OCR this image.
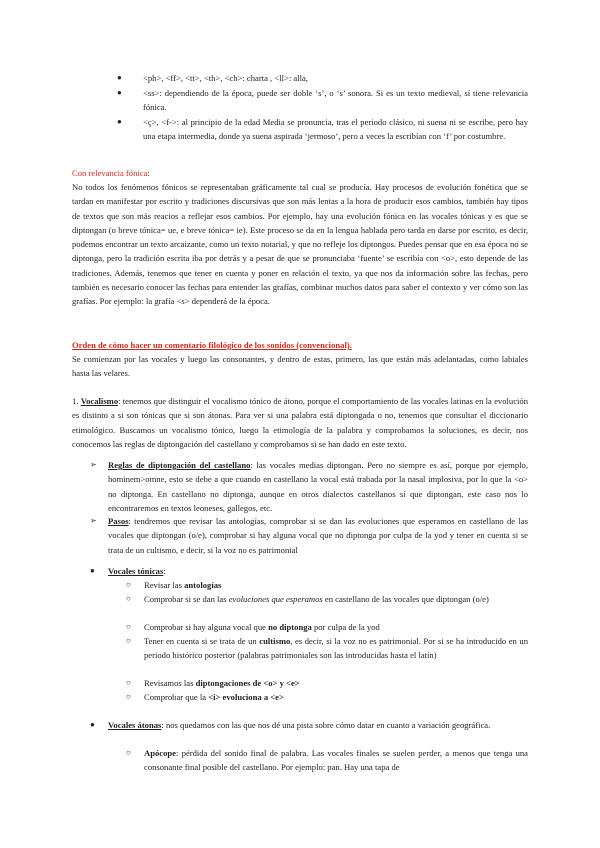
● <ph>, <ff>, <tt>, <th>, <ch>: charta , <ll>: alla,
● <ss>: dependiendo de la época, puede ser doble ‘s’, o ‘s’ sonora. Si es un texto medieval, sí tiene relevancia fónica.
● <ç>, <f->: al principio de la edad Media se pronuncia, tras el periodo clásico, ni suena ni se escribe, pero hay una etapa intermedia, donde ya suena aspirada ‘jermoso’, pero a veces la escribían con ‘f’ por costumbre.
Con relevancia fónica:
No todos los fenómenos fónicos se representaban gráficamente tal cual se producía. Hay procesos de evolución fonética que se tardan en manifestar por escrito y tradiciones discursivas que son más lentas a la hora de producir esos cambios, también hay tipos de textos que son más reacios a reflejar esos cambios. Por ejemplo, hay una evolución fónica en las vocales tónicas y es que se diptongan (o breve tónica= ue, e breve tónica= ie). Este proceso se da en la lengua hablada pero tarda en darse por escrito, es decir, podemos encontrar un texto arcaizante, como un texto notarial, y que no refleje los diptongos. Puedes pensar que en esa época no se diptonga, pero la tradición escrita iba por detrás y a pesar de que se pronunciaba ‘fuente’ se escribía con <o>, esto depende de las tradiciones. Además, tenemos que tener en cuenta y poner en relación el texto, ya que nos da información sobre las fechas, pero también es necesario conocer las fechas para entender las grafías, combinar muchos datos para saber el contexto y ver cómo son las grafías. Por ejemplo: la grafía <s> dependerá de la época.
Orden de cómo hacer un comentario filológico de los sonidos (convencional).
Se comienzan por las vocales y luego las consonantes, y dentro de estas, primero, las que están más adelantadas, como labiales hasta las velares.
1. Vocalismo: tenemos que distinguir el vocalismo tónico de átono, porque el comportamiento de las vocales latinas en la evolución es distinto a si son tónicas que si son átonas. Para ver si una palabra está diptongada o no, tenemos que consultar el diccionario etimológico. Buscamos un vocalismo tónico, luego la etimología de la palabra y comprobamos la soluciones, es decir, nos conocemos las reglas de diptongación del castellano y comprobamos si se han dado en este texto.
➢ Reglas de diptongación del castellano: las vocales medias diptongan. Pero no siempre es así, porque por ejemplo, hominem>omne, esto se debe a que cuando en castellano la vocal está trabada por la nasal implosiva, por lo que la <o> no diptonga. En castellano no diptonga, aunque en otros dialectos castellanos sí que diptongan, este caso nos lo encontraremos en textos leoneses, gallegos, etc.
➢ Pasos: tendremos que revisar las antologías, comprobar si se dan las evoluciones que esperamos en castellano de las vocales que diptongan (o/e), comprobar si hay alguna vocal que no diptonga por culpa de la yod y tener en cuenta si se trata de un cultismo, e decir, si la voz no es patrimonial
● Vocales tónicas:
○ Revisar las antologías
○ Comprobar si se dan las evoluciones que esperamos en castellano de las vocales que diptongan (o/e)
○ Comprobar si hay alguna vocal que no diptonga por culpa de la yod
○ Tener en cuenta si se trata de un cultismo, es decir, si la voz no es patrimonial. Por si se ha introducido en un periodo histórico posterior (palabras patrimoniales son las introducidas hasta el latín)
○ Revisamos las diptongaciones de <o> y <e>
○ Comprobar que la <i> evoluciona a <e>
● Vocales átonas: nos quedamos con las que nos dé una pista sobre cómo datar en cuanto a variación geográfica.
○ Apócope: pérdida del sonido final de palabra. Las vocales finales se suelen perder, a menos que tenga una consonante final posible del castellano. Por ejemplo: pan. Hay una tapa de
